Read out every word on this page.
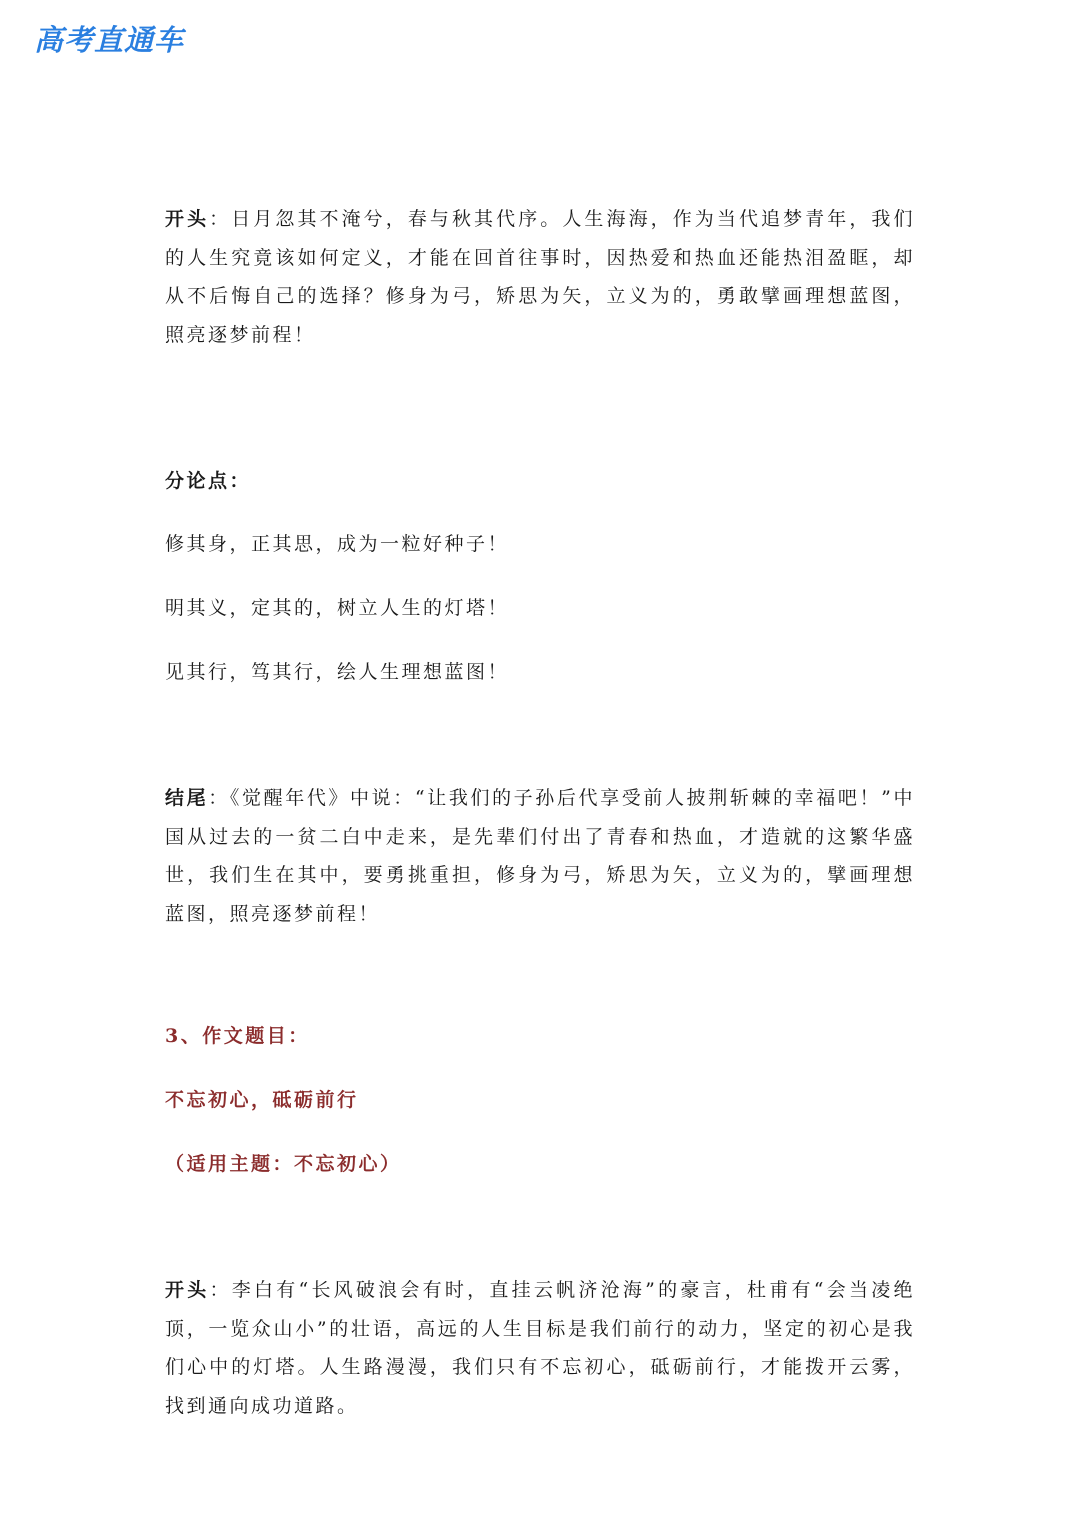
高考直通车

开头：日月忽其不淹兮，春与秋其代序。人生海海，作为当代追梦青年，我们的人生究竟该如何定义，才能在回首往事时，因热爱和热血还能热泪盈眶，却从不后悔自己的选择？修身为弓，矫思为矢，立义为的，勇敢擘画理想蓝图，照亮逐梦前程！

分论点：

修其身，正其思，成为一粒好种子！

明其义，定其的，树立人生的灯塔！

见其行，笃其行，绘人生理想蓝图！

结尾：《觉醒年代》中说：“让我们的子孙后代享受前人披荆斩棘的幸福吧！”中国从过去的一贫二白中走来，是先辈们付出了青春和热血，才造就的这繁华盛世，我们生在其中，要勇挑重担，修身为弓，矫思为矢，立义为的，擘画理想蓝图，照亮逐梦前程！

3、作文题目：

不忘初心，砥砺前行

（适用主题：不忘初心）

开头：李白有“长风破浪会有时，直挂云帆济沧海”的豪言，杜甫有“会当凌绝顶，一览众山小”的壮语，高远的人生目标是我们前行的动力，坚定的初心是我们心中的灯塔。人生路漫漫，我们只有不忘初心，砥砺前行，才能拨开云雾，找到通向成功道路。
